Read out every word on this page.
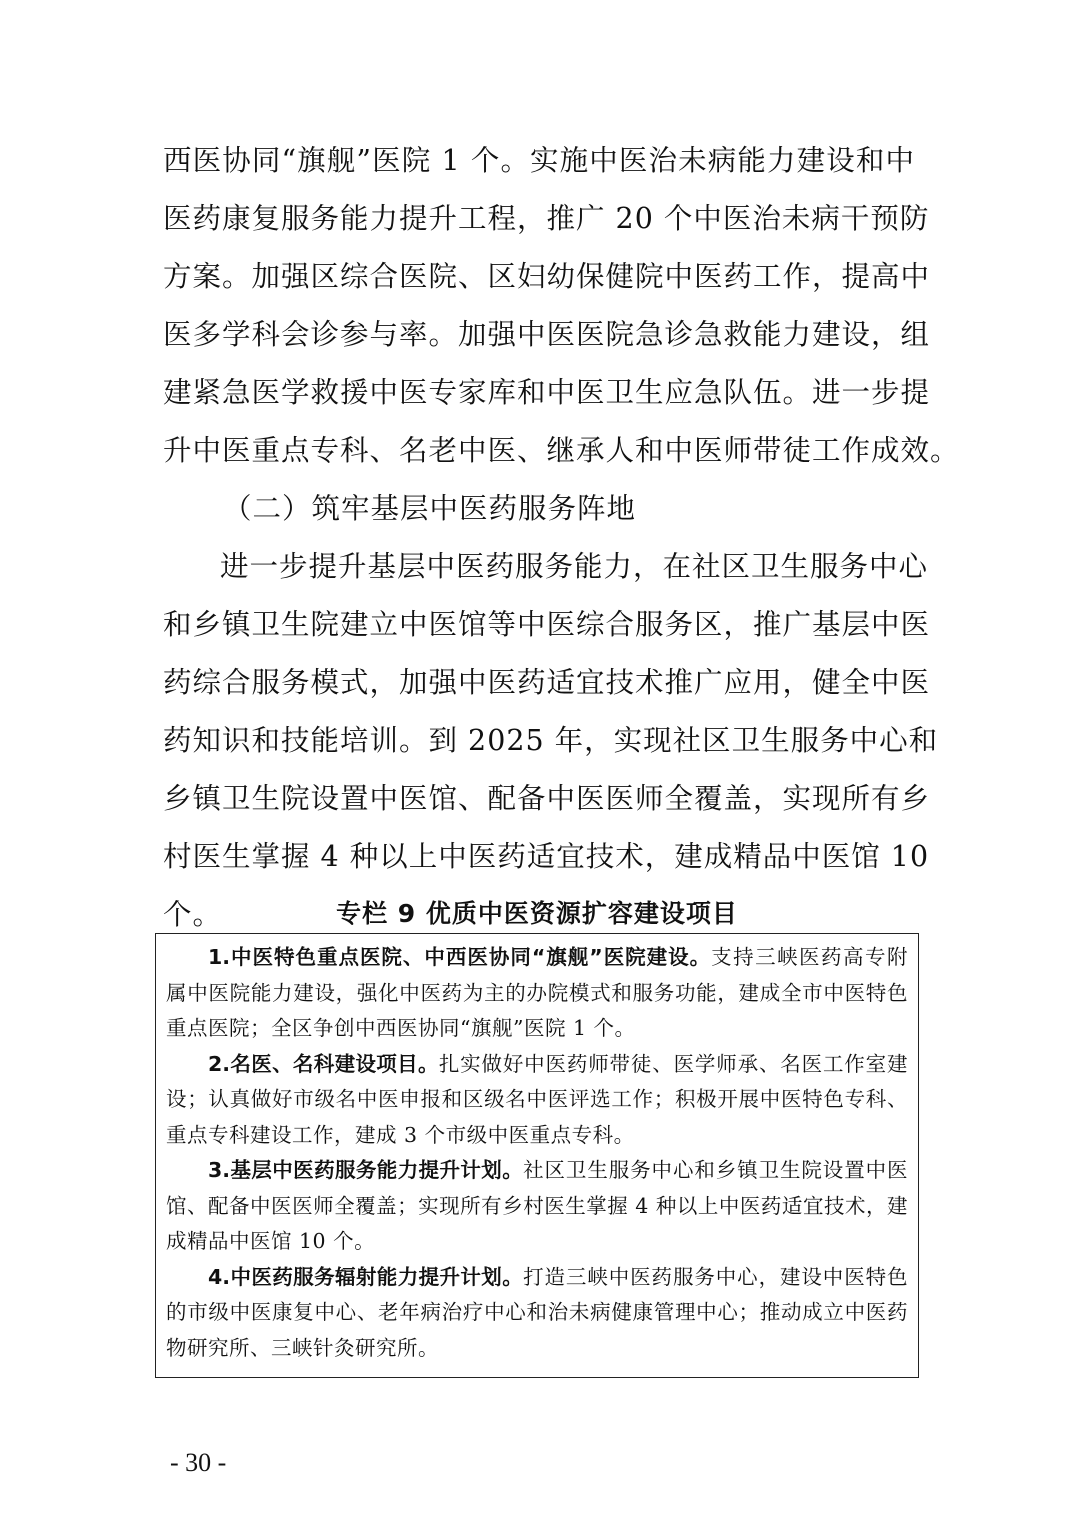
西医协同“旗舰”医院 1 个。实施中医治未病能力建设和中
医药康复服务能力提升工程，推广 20 个中医治未病干预防
方案。加强区综合医院、区妇幼保健院中医药工作，提高中
医多学科会诊参与率。加强中医医院急诊急救能力建设，组
建紧急医学救援中医专家库和中医卫生应急队伍。进一步提
升中医重点专科、名老中医、继承人和中医师带徒工作成效。
（二）筑牢基层中医药服务阵地
进一步提升基层中医药服务能力，在社区卫生服务中心
和乡镇卫生院建立中医馆等中医综合服务区，推广基层中医
药综合服务模式，加强中医药适宜技术推广应用，健全中医
药知识和技能培训。到 2025 年，实现社区卫生服务中心和
乡镇卫生院设置中医馆、配备中医医师全覆盖，实现所有乡
村医生掌握 4 种以上中医药适宜技术，建成精品中医馆 10
个。	专栏 9 优质中医资源扩容建设项目
1.中医特色重点医院、中西医协同“旗舰”医院建设。支持三峡医药高专附
属中医院能力建设，强化中医药为主的办院模式和服务功能，建成全市中医特色
重点医院；全区争创中西医协同“旗舰”医院 1 个。
2.名医、名科建设项目。扎实做好中医药师带徒、医学师承、名医工作室建
设；认真做好市级名中医申报和区级名中医评选工作；积极开展中医特色专科、
重点专科建设工作，建成 3 个市级中医重点专科。
3.基层中医药服务能力提升计划。社区卫生服务中心和乡镇卫生院设置中医
馆、配备中医医师全覆盖；实现所有乡村医生掌握 4 种以上中医药适宜技术，建
成精品中医馆 10 个。
4.中医药服务辐射能力提升计划。打造三峡中医药服务中心，建设中医特色
的市级中医康复中心、老年病治疗中心和治未病健康管理中心；推动成立中医药
物研究所、三峡针灸研究所。
- 30 -
